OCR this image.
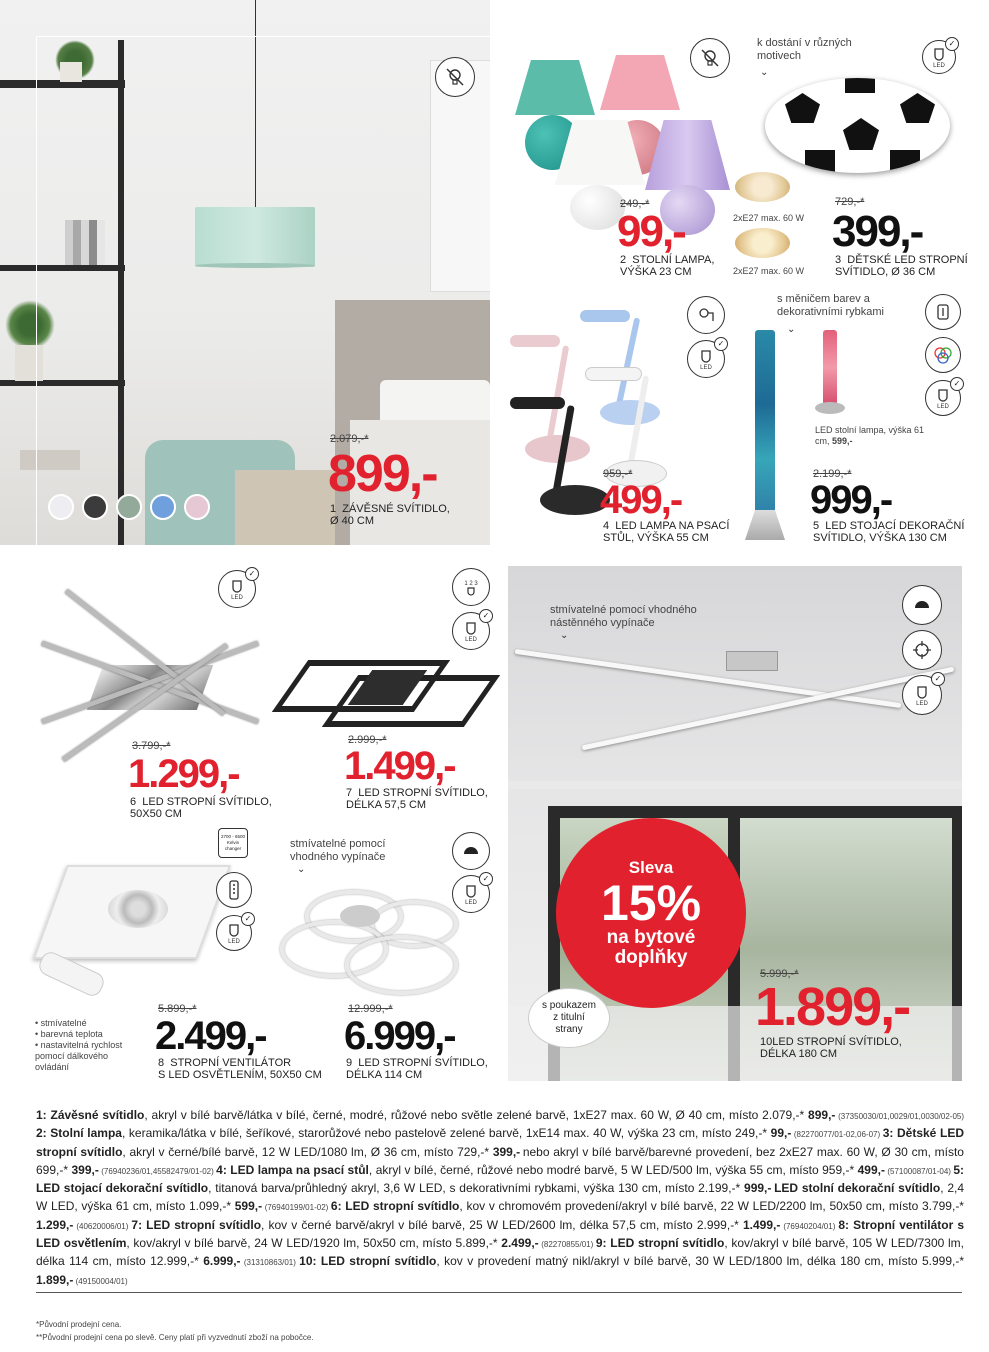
2.079,-*
899,-
1 ZÁVĚSNÉ SVÍTIDLO,
Ø 40 CM
249,-*
99,-
2 STOLNÍ LAMPA,
VÝŠKA 23 CM
k dostání v různých motivech
⌄
LED
✓
2xE27 max. 60 W
2xE27 max. 60 W
729,-*
399,-
3 DĚTSKÉ LED STROPNÍ
SVÍTIDLO, Ø 36 CM
LED
✓
959,-*
499,-
4 LED LAMPA NA PSACÍ
STŮL, VÝŠKA 55 CM
s měničem barev a dekorativními rybkami
⌄
LED stolní lampa, výška 61 cm, 599,-
LED
✓
2.199,-*
999,-
5 LED STOJACÍ DEKORAČNÍ
SVÍTIDLO, VÝŠKA 130 CM
LED
✓
3.799,-*
1.299,-
6 LED STROPNÍ SVÍTIDLO,
50X50 CM
1 2 3
LED
✓
2.999,-*
1.499,-
7 LED STROPNÍ SVÍTIDLO,
DÉLKA 57,5 CM
2700 - 6500 Kelvin changer
LED
✓
• stmívatelné
• barevná teplota
• nastavitelná rychlost
pomocí dálkového ovládání
5.899,-*
2.499,-
8 STROPNÍ VENTILÁTOR
S LED OSVĚTLENÍM, 50X50 CM
stmívatelné pomocí vhodného vypínače
⌄
LED
✓
12.999,-*
6.999,-
9 LED STROPNÍ SVÍTIDLO,
DÉLKA 114 CM
stmívatelné pomocí vhodného nástěnného vypínače
⌄
LED
✓
Sleva
15%
na bytové
doplňky
s poukazem z titulní strany
5.999,-*
1.899,-
10LED STROPNÍ SVÍTIDLO,
DÉLKA 180 CM
1: Závěsné svítidlo, akryl v bílé barvě/látka v bílé, černé, modré, růžové nebo světle zelené barvě, 1xE27 max. 60 W, Ø 40 cm, místo 2.079,-* 899,- (37350030/01,0029/01,0030/02-05) 2: Stolní lampa, keramika/látka v bílé, šeříkové, starorůžové nebo pastelově zelené barvě, 1xE14 max. 40 W, výška 23 cm, místo 249,-* 99,- (82270077/01-02,06-07) 3: Dětské LED stropní svítidlo, akryl v černé/bílé barvě, 12 W LED/1080 lm, Ø 36 cm, místo 729,-* 399,- nebo akryl v bílé barvě/barevné provedení, bez 2xE27 max. 60 W, Ø 30 cm, místo 699,-* 399,- (76940236/01,45582479/01-02) 4: LED lampa na psací stůl, akryl v bílé, černé, růžové nebo modré barvě, 5 W LED/500 lm, výška 55 cm, místo 959,-* 499,- (57100087/01-04) 5: LED stojací dekorační svítidlo, titanová barva/průhledný akryl, 3,6 W LED, s dekorativními rybkami, výška 130 cm, místo 2.199,-* 999,- LED stolní dekorační svítidlo, 2,4 W LED, výška 61 cm, místo 1.099,-* 599,- (76940199/01-02) 6: LED stropní svítidlo, kov v chromovém provedení/akryl v bílé barvě, 22 W LED/2200 lm, 50x50 cm, místo 3.799,-* 1.299,- (40620006/01) 7: LED stropní svítidlo, kov v černé barvě/akryl v bílé barvě, 25 W LED/2600 lm, délka 57,5 cm, místo 2.999,-* 1.499,- (76940204/01) 8: Stropní ventilátor s LED osvětlením, kov/akryl v bílé barvě, 24 W LED/1920 lm, 50x50 cm, místo 5.899,-* 2.499,- (82270855/01) 9: LED stropní svítidlo, kov/akryl v bílé barvě, 105 W LED/7300 lm, délka 114 cm, místo 12.999,-* 6.999,- (31310863/01) 10: LED stropní svítidlo, kov v provedení matný nikl/akryl v bílé barvě, 30 W LED/1800 lm, délka 180 cm, místo 5.999,-* 1.899,- (49150004/01)
*Původní prodejní cena.
**Původní prodejní cena po slevě. Ceny platí při vyzvednutí zboží na pobočce.
